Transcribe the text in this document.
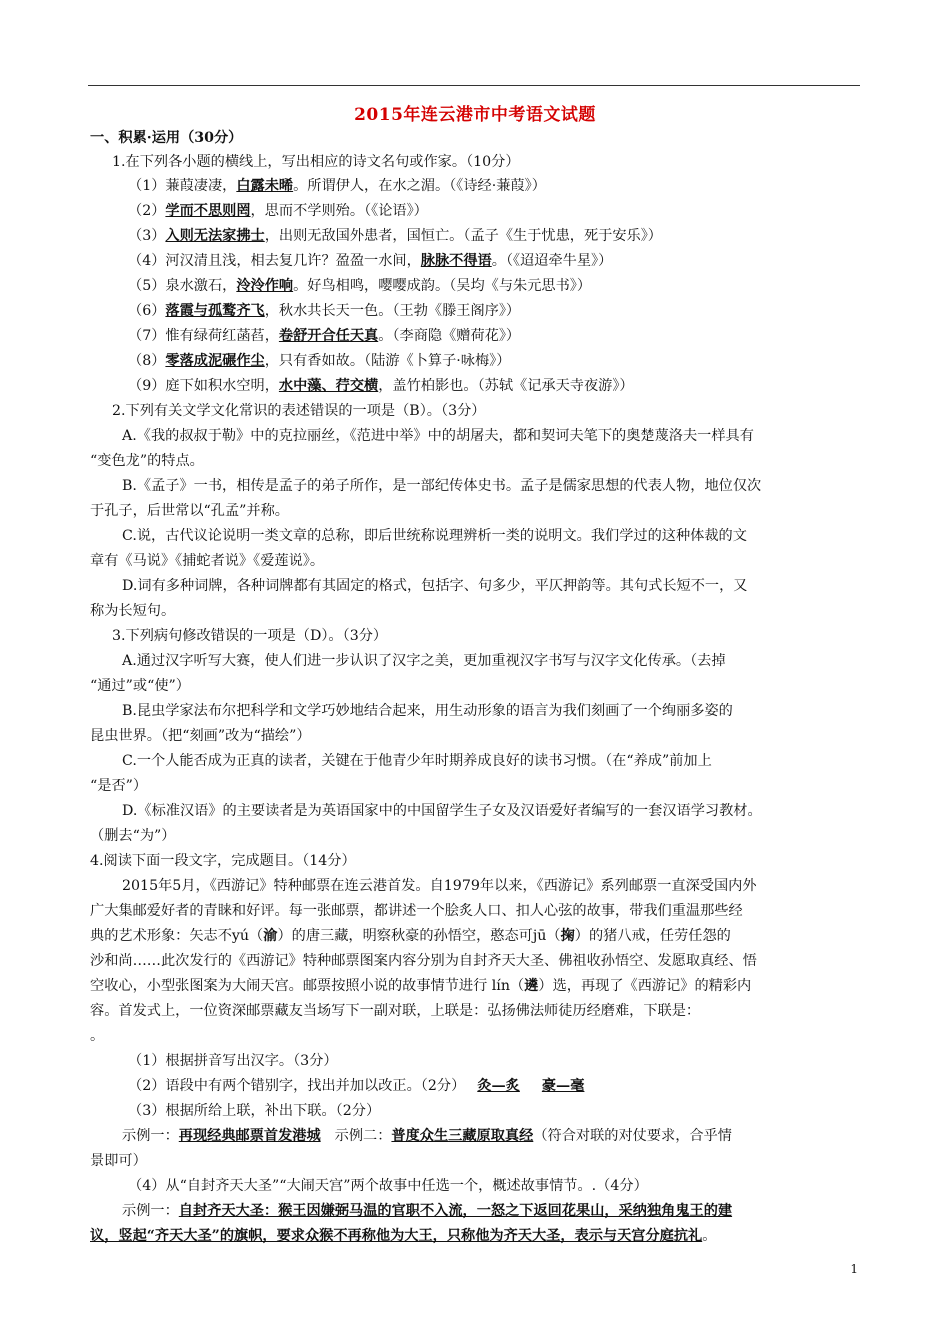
2015年连云港市中考语文试题
一、积累·运用（30分）
1.在下列各小题的横线上，写出相应的诗文名句或作家。（10分）
（1）蒹葭凄凄，白露未晞。所谓伊人，在水之湄。（《诗经·蒹葭》）
（2）学而不思则罔，思而不学则殆。（《论语》）
（3）入则无法家拂士，出则无敌国外患者，国恒亡。（孟子《生于忧患，死于安乐》）
（4）河汉清且浅，相去复几许？盈盈一水间，脉脉不得语。（《迢迢牵牛星》）
（5）泉水激石，泠泠作响。好鸟相鸣，嘤嘤成韵。（吴均《与朱元思书》）
（6）落霞与孤鹜齐飞，秋水共长天一色。（王勃《滕王阁序》）
（7）惟有绿荷红菡萏，卷舒开合任天真。（李商隐《赠荷花》）
（8）零落成泥碾作尘，只有香如故。（陆游《卜算子·咏梅》）
（9）庭下如积水空明，水中藻、荇交横，盖竹柏影也。（苏轼《记承天寺夜游》）
2.下列有关文学文化常识的表述错误的一项是（B）。（3分）
A.《我的叔叔于勒》中的克拉丽丝，《范进中举》中的胡屠夫，都和契诃夫笔下的奥楚蔑洛夫一样具有
“变色龙”的特点。
B.《孟子》一书，相传是孟子的弟子所作，是一部纪传体史书。孟子是儒家思想的代表人物，地位仅次
于孔子，后世常以“孔孟”并称。
C.说，古代议论说明一类文章的总称，即后世统称说理辨析一类的说明文。我们学过的这种体裁的文
章有《马说》《捕蛇者说》《爱莲说》。
D.词有多种词牌，各种词牌都有其固定的格式，包括字、句多少，平仄押韵等。其句式长短不一，又
称为长短句。
3.下列病句修改错误的一项是（D）。（3分）
A.通过汉字听写大赛，使人们进一步认识了汉字之美，更加重视汉字书写与汉字文化传承。（去掉
“通过”或“使”）
B.昆虫学家法布尔把科学和文学巧妙地结合起来，用生动形象的语言为我们刻画了一个绚丽多姿的
昆虫世界。（把“刻画”改为“描绘”）
C.一个人能否成为正真的读者，关键在于他青少年时期养成良好的读书习惯。（在“养成”前加上
“是否”）
D.《标准汉语》的主要读者是为英语国家中的中国留学生子女及汉语爱好者编写的一套汉语学习教材。
（删去“为”）
4.阅读下面一段文字，完成题目。（14分）
2015年5月，《西游记》特种邮票在连云港首发。自1979年以来，《西游记》系列邮票一直深受国内外
广大集邮爱好者的青睐和好评。每一张邮票，都讲述一个脍炙人口、扣人心弦的故事，带我们重温那些经
典的艺术形象：矢志不yú（渝）的唐三藏，明察秋豪的孙悟空，憨态可jū（掬）的猪八戒，任劳任怨的
沙和尚……此次发行的《西游记》特种邮票图案内容分别为自封齐天大圣、佛祖收孙悟空、发愿取真经、悟
空收心，小型张图案为大闹天宫。邮票按照小说的故事情节进行 lín（遴）选，再现了《西游记》的精彩内
容。首发式上，一位资深邮票藏友当场写下一副对联，上联是：弘扬佛法师徒历经磨难，下联是：
。
（1）根据拼音写出汉字。（3分）
（2）语段中有两个错别字，找出并加以改正。（2分） 灸—炙 豪—毫
（3）根据所给上联，补出下联。（2分）
示例一：再现经典邮票首发港城 示例二：普度众生三藏原取真经（符合对联的对仗要求，合乎情
景即可）
（4）从“自封齐天大圣”“大闹天宫”两个故事中任选一个，概述故事情节。.（4分）
示例一：自封齐天大圣：猴王因嫌弼马温的官职不入流，一怒之下返回花果山，采纳独角鬼王的建
议，竖起“齐天大圣”的旗帜，要求众猴不再称他为大王，只称他为齐天大圣，表示与天宫分庭抗礼。
1
